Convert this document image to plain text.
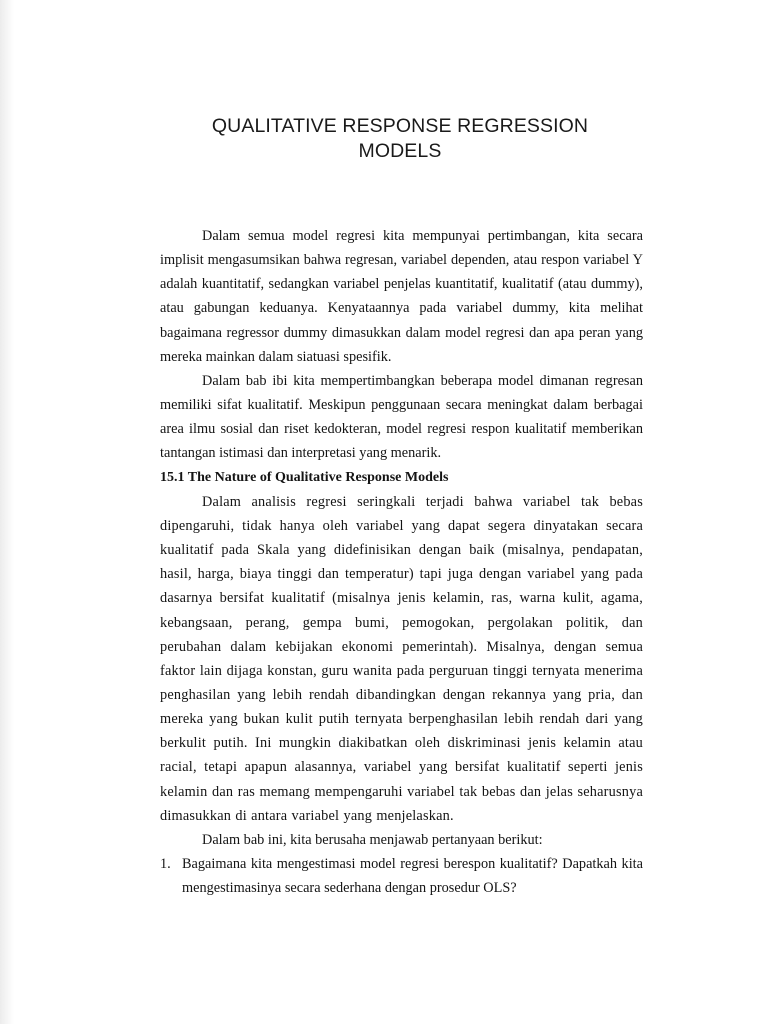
QUALITATIVE RESPONSE REGRESSION
MODELS

Dalam semua model regresi kita mempunyai pertimbangan, kita secara implisit mengasumsikan bahwa regresan, variabel dependen, atau respon variabel Y adalah kuantitatif, sedangkan variabel penjelas kuantitatif, kualitatif (atau dummy), atau gabungan keduanya. Kenyataannya pada variabel dummy, kita melihat bagaimana regressor dummy dimasukkan dalam model regresi dan apa peran yang mereka mainkan dalam siatuasi spesifik.

Dalam bab ibi kita mempertimbangkan beberapa model dimanan regresan memiliki sifat kualitatif. Meskipun penggunaan secara meningkat dalam berbagai area ilmu sosial dan riset kedokteran, model regresi respon kualitatif memberikan tantangan istimasi dan interpretasi yang menarik.

15.1 The Nature of Qualitative Response Models

Dalam analisis regresi seringkali terjadi bahwa variabel tak bebas dipengaruhi, tidak hanya oleh variabel yang dapat segera dinyatakan secara kualitatif pada Skala yang didefinisikan dengan baik (misalnya, pendapatan, hasil, harga, biaya tinggi dan temperatur) tapi juga dengan variabel yang pada dasarnya bersifat kualitatif (misalnya jenis kelamin, ras, warna kulit, agama, kebangsaan, perang, gempa bumi, pemogokan, pergolakan politik, dan perubahan dalam kebijakan ekonomi pemerintah). Misalnya, dengan semua faktor lain dijaga konstan, guru wanita pada perguruan tinggi ternyata menerima penghasilan yang lebih rendah dibandingkan dengan rekannya yang pria, dan mereka yang bukan kulit putih ternyata berpenghasilan lebih rendah dari yang berkulit putih. Ini mungkin diakibatkan oleh diskriminasi jenis kelamin atau racial, tetapi apapun alasannya, variabel yang bersifat kualitatif seperti jenis kelamin dan ras memang mempengaruhi variabel tak bebas dan jelas seharusnya dimasukkan di antara variabel yang menjelaskan.

Dalam bab ini, kita berusaha menjawab pertanyaan berikut:

1. Bagaimana kita mengestimasi model regresi berespon kualitatif? Dapatkah kita mengestimasinya secara sederhana dengan prosedur OLS?
